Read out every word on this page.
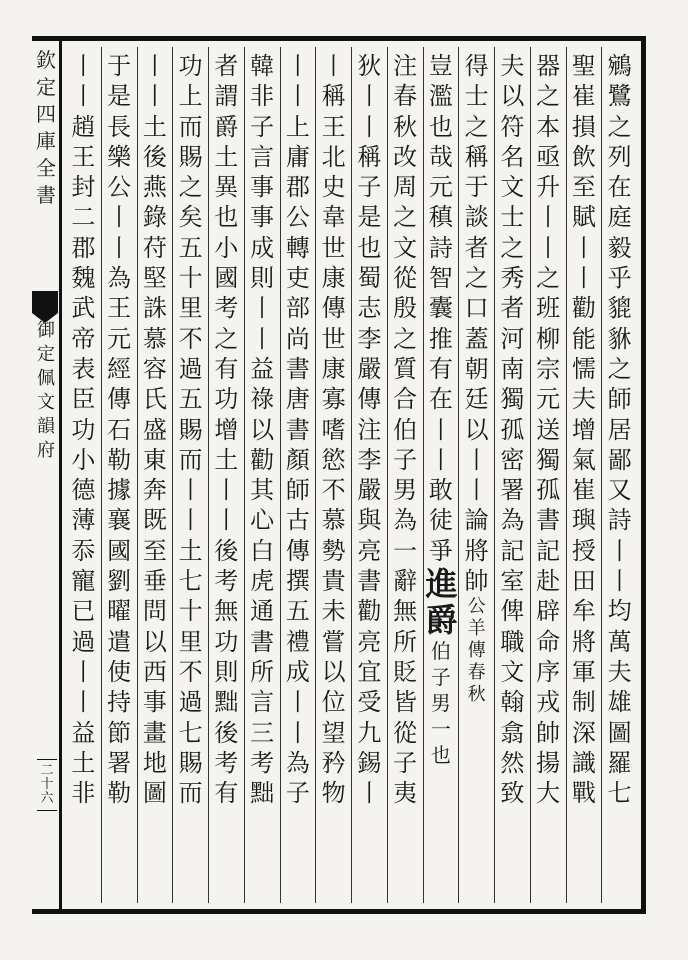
欽定四庫全書
御定佩文韻府
二十六
鵷鷺之列在庭毅乎貔貅之師居鄙又詩丨丨均萬夫雄圖羅七
聖崔損飲至賦丨丨勸能懦夫增氣崔璵授田牟將軍制深識戰
器之本亟升丨丨之班柳宗元送獨孤書記赴辟命序戎帥揚大
夫以符名文士之秀者河南獨孤密署為記室俾職文翰翕然致
得士之稱于談者之口蓋朝廷以丨丨論將帥
公羊傳春秋
豈濫也哉元稹詩智囊推有在丨丨敢徒爭
進爵
伯子男一也
注春秋改周之文從殷之質合伯子男為一辭無所貶皆從子夷
狄丨丨稱子是也蜀志李嚴傳注李嚴與亮書勸亮宜受九錫丨
丨稱王北史韋世康傳世康寡嗜慾不慕勢貴未嘗以位望矜物
丨丨上庸郡公轉吏部尚書唐書顏師古傳撰五禮成丨丨為子
韓非子言事事成則丨丨益祿以勸其心白虎通書所言三考黜
者謂爵土異也小國考之有功增土丨丨後考無功則黜後考有
功上而賜之矣五十里不過五賜而丨丨土七十里不過七賜而
丨丨土後燕錄苻堅誅慕容氏盛東奔既至垂問以西事畫地圖
于是長樂公丨丨為王元經傳石勒據襄國劉曜遣使持節署勒
丨丨趙王封二郡魏武帝表臣功小德薄忝寵已過丨丨益土非
